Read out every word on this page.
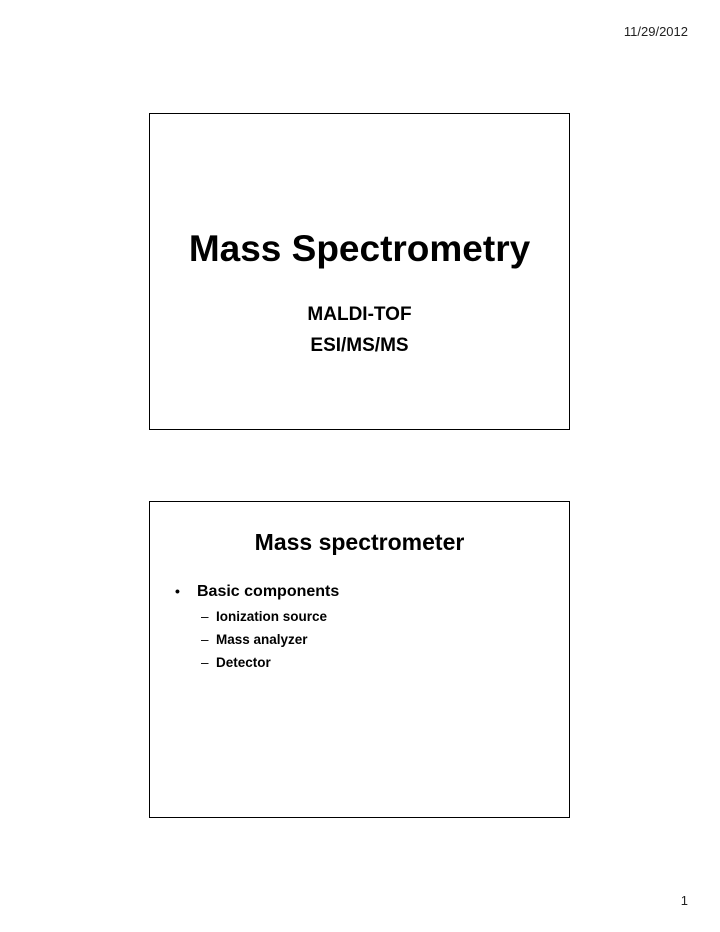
11/29/2012
Mass Spectrometry
MALDI-TOF
ESI/MS/MS
Mass spectrometer
•	Basic components
– Ionization source
– Mass analyzer
– Detector
1
